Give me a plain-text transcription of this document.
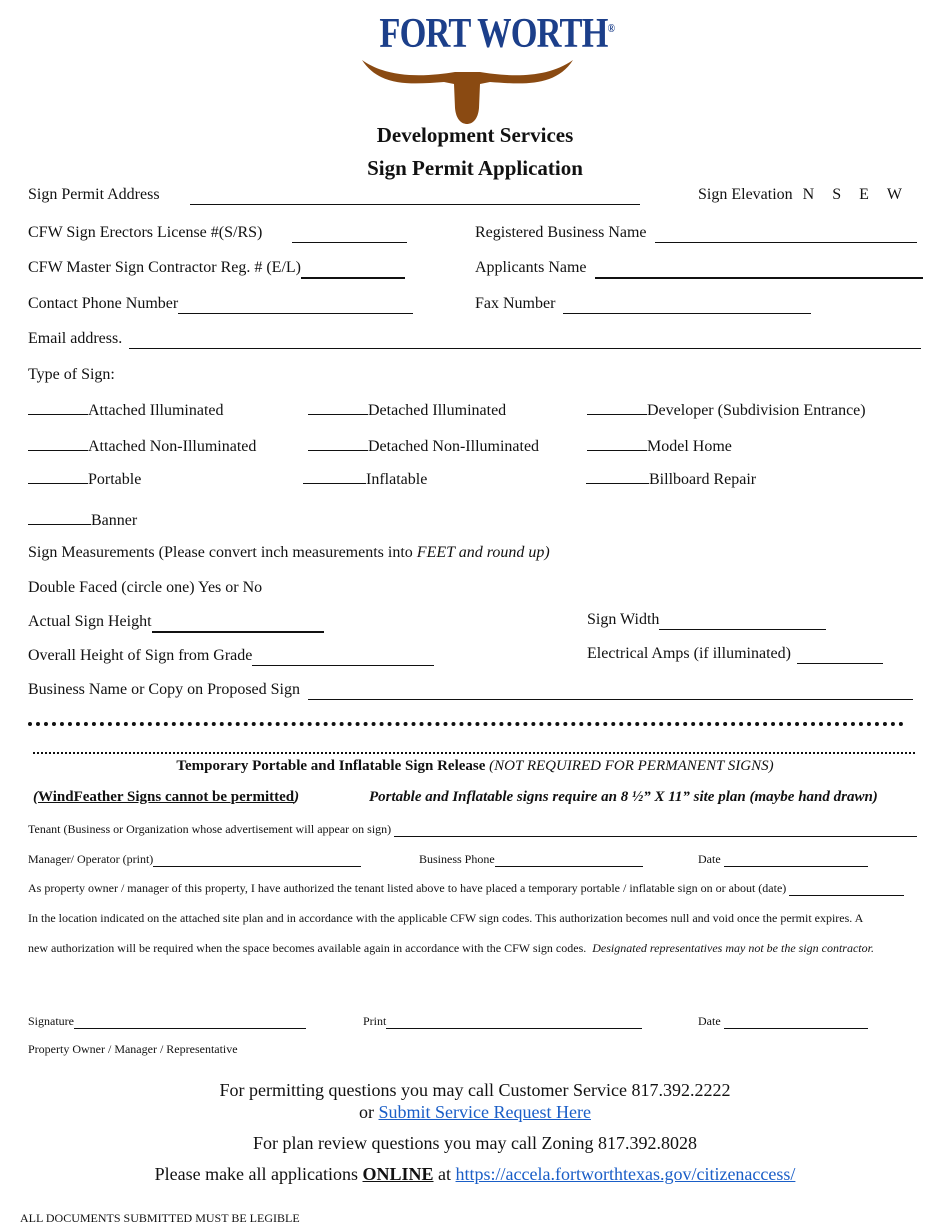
FORT WORTH®
Development Services
Sign Permit Application
Sign Permit Address	Sign Elevation N S E W
CFW Sign Erectors License #(S/RS)	Registered Business Name
CFW Master Sign Contractor Reg. # (E/L)	Applicants Name
Contact Phone Number	Fax Number
Email address.
Type of Sign:
Attached Illuminated	Detached Illuminated	Developer (Subdivision Entrance)
Attached Non-Illuminated	Detached Non-Illuminated	Model Home
Portable	Inflatable	Billboard Repair
Banner
Sign Measurements (Please convert inch measurements into FEET and round up)
Double Faced (circle one) Yes or No
Actual Sign Height	Sign Width
Overall Height of Sign from Grade	Electrical Amps (if illuminated)
Business Name or Copy on Proposed Sign
Temporary Portable and Inflatable Sign Release (NOT REQUIRED FOR PERMANENT SIGNS)
(WindFeather Signs cannot be permitted)	Portable and Inflatable signs require an 8 ½” X 11” site plan (maybe hand drawn)
Tenant (Business or Organization whose advertisement will appear on sign)
Manager/ Operator (print)	Business Phone	Date
As property owner / manager of this property, I have authorized the tenant listed above to have placed a temporary portable / inflatable sign on or about (date)
In the location indicated on the attached site plan and in accordance with the applicable CFW sign codes. This authorization becomes null and void once the permit expires. A
new authorization will be required when the space becomes available again in accordance with the CFW sign codes. Designated representatives may not be the sign contractor.
Signature	Print	Date
Property Owner / Manager / Representative
For permitting questions you may call Customer Service 817.392.2222
or Submit Service Request Here
For plan review questions you may call Zoning 817.392.8028
Please make all applications ONLINE at https://accela.fortworthtexas.gov/citizenaccess/
ALL DOCUMENTS SUBMITTED MUST BE LEGIBLE
